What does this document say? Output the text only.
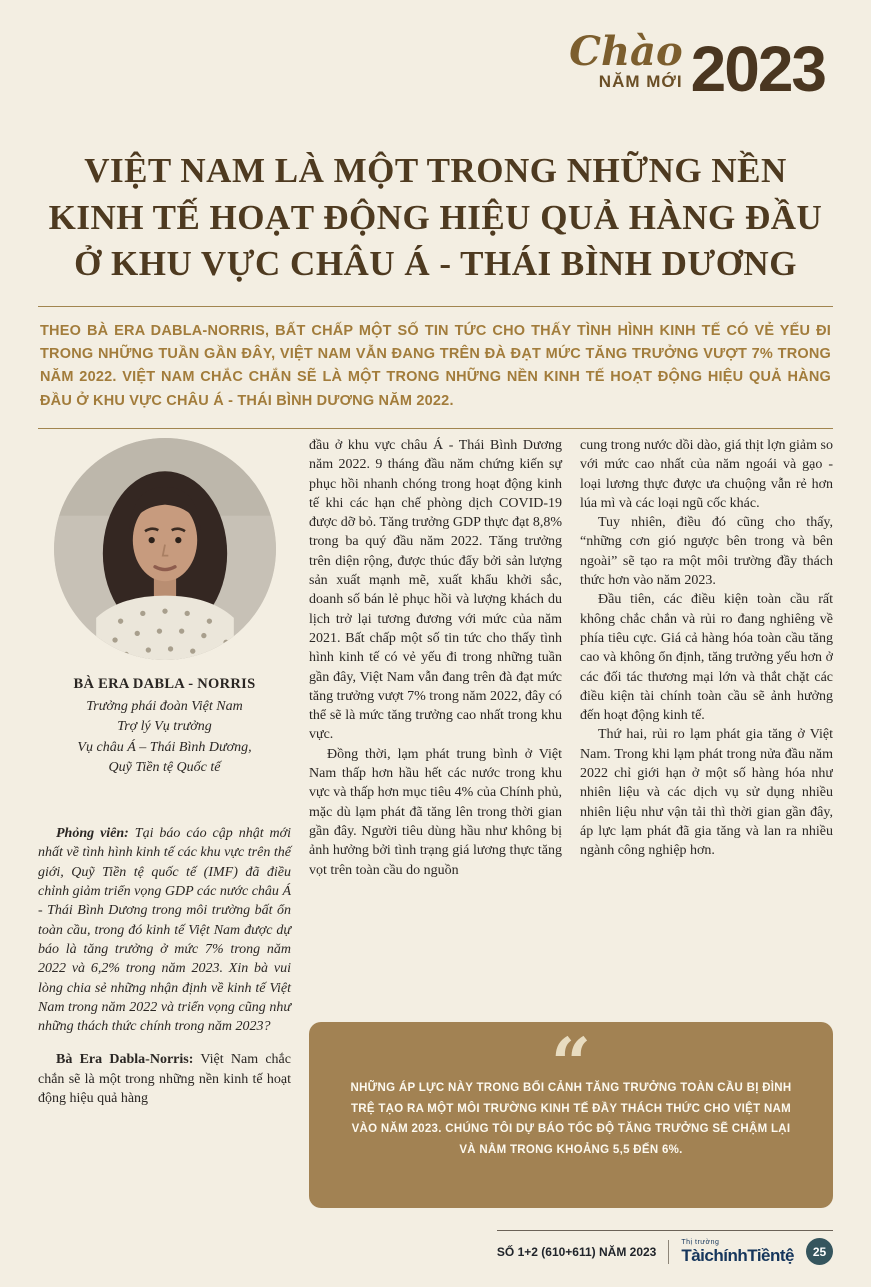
Chào
NĂM MỚI 2023
VIỆT NAM LÀ MỘT TRONG NHỮNG NỀN
KINH TẾ HOẠT ĐỘNG HIỆU QUẢ HÀNG ĐẦU
Ở KHU VỰC CHÂU Á - THÁI BÌNH DƯƠNG

THEO BÀ ERA DABLA-NORRIS, BẤT CHẤP MỘT SỐ TIN TỨC CHO THẤY TÌNH HÌNH KINH TẾ CÓ VẺ YẾU ĐI TRONG NHỮNG TUẦN GẦN ĐÂY, VIỆT NAM VẪN ĐANG TRÊN ĐÀ ĐẠT MỨC TĂNG TRƯỞNG VƯỢT 7% TRONG NĂM 2022. VIỆT NAM CHẮC CHẮN SẼ LÀ MỘT TRONG NHỮNG NỀN KINH TẾ HOẠT ĐỘNG HIỆU QUẢ HÀNG ĐẦU Ở KHU VỰC CHÂU Á - THÁI BÌNH DƯƠNG NĂM 2022.

BÀ ERA DABLA - NORRIS
Trưởng phái đoàn Việt Nam
Trợ lý Vụ trưởng
Vụ châu Á – Thái Bình Dương,
Quỹ Tiền tệ Quốc tế

Phỏng viên: Tại báo cáo cập nhật mới nhất về tình hình kinh tế các khu vực trên thế giới, Quỹ Tiền tệ quốc tế (IMF) đã điều chỉnh giảm triển vọng GDP các nước châu Á - Thái Bình Dương trong môi trường bất ổn toàn cầu, trong đó kinh tế Việt Nam được dự báo là tăng trưởng ở mức 7% trong năm 2022 và 6,2% trong năm 2023. Xin bà vui lòng chia sẻ những nhận định về kinh tế Việt Nam trong năm 2022 và triển vọng cũng như những thách thức chính trong năm 2023?

Bà Era Dabla-Norris: Việt Nam chắc chắn sẽ là một trong những nền kinh tế hoạt động hiệu quả hàng

đầu ở khu vực châu Á - Thái Bình Dương năm 2022. 9 tháng đầu năm chứng kiến sự phục hồi nhanh chóng trong hoạt động kinh tế khi các hạn chế phòng dịch COVID-19 được dỡ bỏ. Tăng trưởng GDP thực đạt 8,8% trong ba quý đầu năm 2022. Tăng trưởng trên diện rộng, được thúc đẩy bởi sản lượng sản xuất mạnh mẽ, xuất khẩu khởi sắc, doanh số bán lẻ phục hồi và lượng khách du lịch trở lại tương đương với mức của năm 2021. Bất chấp một số tin tức cho thấy tình hình kinh tế có vẻ yếu đi trong những tuần gần đây, Việt Nam vẫn đang trên đà đạt mức tăng trưởng vượt 7% trong năm 2022, đây có thể sẽ là mức tăng trưởng cao nhất trong khu vực.

Đồng thời, lạm phát trung bình ở Việt Nam thấp hơn hầu hết các nước trong khu vực và thấp hơn mục tiêu 4% của Chính phủ, mặc dù lạm phát đã tăng lên trong thời gian gần đây. Người tiêu dùng hầu như không bị ảnh hưởng bởi tình trạng giá lương thực tăng vọt trên toàn cầu do nguồn

cung trong nước dồi dào, giá thịt lợn giảm so với mức cao nhất của năm ngoái và gạo - loại lương thực được ưa chuộng vẫn rẻ hơn lúa mì và các loại ngũ cốc khác.

Tuy nhiên, điều đó cũng cho thấy, “những cơn gió ngược bên trong và bên ngoài” sẽ tạo ra một môi trường đầy thách thức hơn vào năm 2023.

Đầu tiên, các điều kiện toàn cầu rất không chắc chắn và rủi ro đang nghiêng về phía tiêu cực. Giá cả hàng hóa toàn cầu tăng cao và không ổn định, tăng trưởng yếu hơn ở các đối tác thương mại lớn và thắt chặt các điều kiện tài chính toàn cầu sẽ ảnh hưởng đến hoạt động kinh tế.

Thứ hai, rủi ro lạm phát gia tăng ở Việt Nam. Trong khi lạm phát trong nửa đầu năm 2022 chỉ giới hạn ở một số hàng hóa như nhiên liệu và các dịch vụ sử dụng nhiều nhiên liệu như vận tải thì thời gian gần đây, áp lực lạm phát đã gia tăng và lan ra nhiều ngành công nghiệp hơn.

“

NHỮNG ÁP LỰC NÀY TRONG BỐI CẢNH TĂNG TRƯỞNG TOÀN CẦU BỊ ĐÌNH TRỆ TẠO RA MỘT MÔI TRƯỜNG KINH TẾ ĐẦY THÁCH THỨC CHO VIỆT NAM VÀO NĂM 2023. CHÚNG TÔI DỰ BÁO TỐC ĐỘ TĂNG TRƯỞNG SẼ CHẬM LẠI VÀ NẰM TRONG KHOẢNG 5,5 ĐẾN 6%.

SỐ 1+2 (610+611) NĂM 2023
Thị trường
TàichínhTiềntệ	25
